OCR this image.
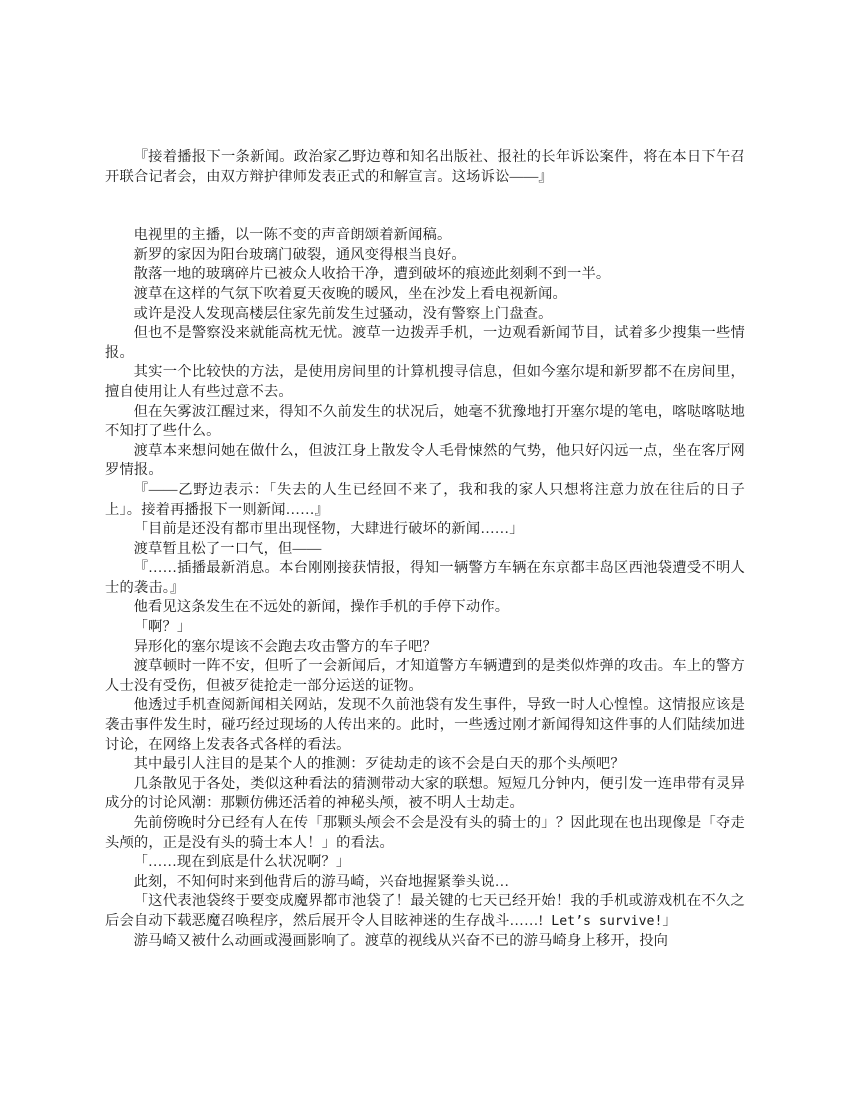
『接着播报下一条新闻。政治家乙野边尊和知名出版社、报社的长年诉讼案件，将在本日下午召开联合记者会，由双方辩护律师发表正式的和解宣言。这场诉讼——』

电视里的主播，以一陈不变的声音朗颂着新闻稿。

新罗的家因为阳台玻璃门破裂，通风变得根当良好。

散落一地的玻璃碎片已被众人收拾干净，遭到破坏的痕迹此刻剩不到一半。

渡草在这样的气氛下吹着夏天夜晚的暖风，坐在沙发上看电视新闻。

或许是没人发现高楼层住家先前发生过骚动，没有警察上门盘查。

但也不是警察没来就能高枕无忧。渡草一边拨弄手机，一边观看新闻节目，试着多少搜集一些情报。

其实一个比较快的方法，是使用房间里的计算机搜寻信息，但如今塞尔堤和新罗都不在房间里，擅自使用让人有些过意不去。

但在矢雾波江醒过来，得知不久前发生的状况后，她毫不犹豫地打开塞尔堤的笔电，喀哒喀哒地不知打了些什么。

渡草本来想问她在做什么，但波江身上散发令人毛骨悚然的气势，他只好闪远一点，坐在客厅网罗情报。

『——乙野边表示：「失去的人生已经回不来了，我和我的家人只想将注意力放在往后的日子上」。接着再播报下一则新闻……』

「目前是还没有都市里出现怪物，大肆进行破坏的新闻……」

渡草暂且松了一口气，但——

『……插播最新消息。本台刚刚接获情报，得知一辆警方车辆在东京都丰岛区西池袋遭受不明人士的袭击。』

他看见这条发生在不远处的新闻，操作手机的手停下动作。

「啊？」

异形化的塞尔堤该不会跑去攻击警方的车子吧？

渡草顿时一阵不安，但听了一会新闻后，才知道警方车辆遭到的是类似炸弹的攻击。车上的警方人士没有受伤，但被歹徒抢走一部分运送的证物。

他透过手机查阅新闻相关网站，发现不久前池袋有发生事件，导致一时人心惶惶。这情报应该是袭击事件发生时，碰巧经过现场的人传出来的。此时，一些透过刚才新闻得知这件事的人们陆续加进讨论，在网络上发表各式各样的看法。

其中最引人注目的是某个人的推测：歹徒劫走的该不会是白天的那个头颅吧？

几条散见于各处，类似这种看法的猜测带动大家的联想。短短几分钟内，便引发一连串带有灵异成分的讨论风潮：那颗仿佛还活着的神秘头颅，被不明人士劫走。

先前傍晚时分已经有人在传「那颗头颅会不会是没有头的骑士的」？因此现在也出现像是「夺走头颅的，正是没有头的骑士本人！」的看法。

「……现在到底是什么状况啊？」

此刻，不知何时来到他背后的游马崎，兴奋地握紧拳头说…

「这代表池袋终于要变成魔界都市池袋了！最关键的七天已经开始！我的手机或游戏机在不久之后会自动下载恶魔召唤程序，然后展开令人目眩神迷的生存战斗……! Let’s survive!」

游马崎又被什么动画或漫画影响了。渡草的视线从兴奋不已的游马崎身上移开，投向
